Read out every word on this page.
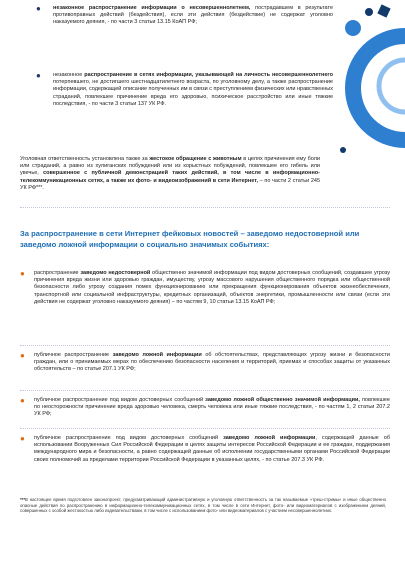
● незаконное распространение информации о несовершеннолетнем, пострадавшем в результате противоправных действий (бездействия), если эти действия (бездействие) не содержат уголовно наказуемого деяния, - по части 3 статьи 13.15 КоАП РФ;

● незаконное распространение в сетях информации, указывающей на личность несовершеннолетнего потерпевшего, не достигшего шестнадцатилетнего возраста, по уголовному делу, а также распространение информации, содержащей описание полученных им в связи с преступлением физических или нравственных страданий, повлекшее причинение вреда его здоровью, психическое расстройство или иные тяжкие последствия, - по части 3 статьи 137 УК РФ.

Уголовная ответственность установлена также за жестокое обращение с животным в целях причинения ему боли или страданий, а равно из хулиганских побуждений или из корыстных побуждений, повлекшее его гибель или увечье, совершенное с публичной демонстрацией таких действий, в том числе в информационно-телекоммуникационных сетях, а также их фото- и видеоизображений в сети Интернет, – по части 2 статьи 245 УК РФ***.

За распространение в сети Интернет фейковых новостей – заведомо недостоверной или заведомо ложной информации о социально значимых событиях:
● распространение заведомо недостоверной общественно значимой информации под видом достоверных сообщений, создавшее угрозу причинения вреда жизни или здоровью граждан, имуществу, угрозу массового нарушения общественного порядка или общественной безопасности либо угрозу создания помех функционированию или прекращения функционирования объектов жизнеобеспечения, транспортной или социальной инфраструктуры, кредитных организаций, объектов энергетики, промышленности или связи (если эти действия не содержат уголовно наказуемого деяния) – по частям 9, 10 статьи 13.15 КоАП РФ;

● публичное распространение заведомо ложной информации об обстоятельствах, представляющих угрозу жизни и безопасности граждан, или о принимаемых мерах по обеспечению безопасности населения и территорий, приемах и способах защиты от указанных обстоятельств – по статье 207.1 УК РФ;

● публичное распространение под видом достоверных сообщений заведомо ложной общественно значимой информации, повлекшее по неосторожности причинение вреда здоровью человека, смерть человека или иные тяжкие последствия, - по частям 1, 2 статьи 207.2 УК РФ;

● публичное распространение под видом достоверных сообщений заведомо ложной информации, содержащей данные об использовании Вооруженных Сил Российской Федерации в целях защиты интересов Российской Федерации и ее граждан, поддержания международного мира и безопасности, а равно содержащей данные об исполнении государственными органами Российской Федерации своих полномочий за пределами территории Российской Федерации в указанных целях, - по статье 207.3 УК РФ.

***В настоящее время подготовлен законопроект, предусматривающий административную и уголовную ответственность за так называемые «треш-стримы» и иные общественно опасные действия по распространению в информационно-телекоммуникационных сетях, в том числе в сети Интернет, фото- или видеоматериалов с изображением деяний, совершенных с особой жестокостью либо издевательствами, в том числе с использованием фото- или видеоматериалов с участием несовершеннолетних.
